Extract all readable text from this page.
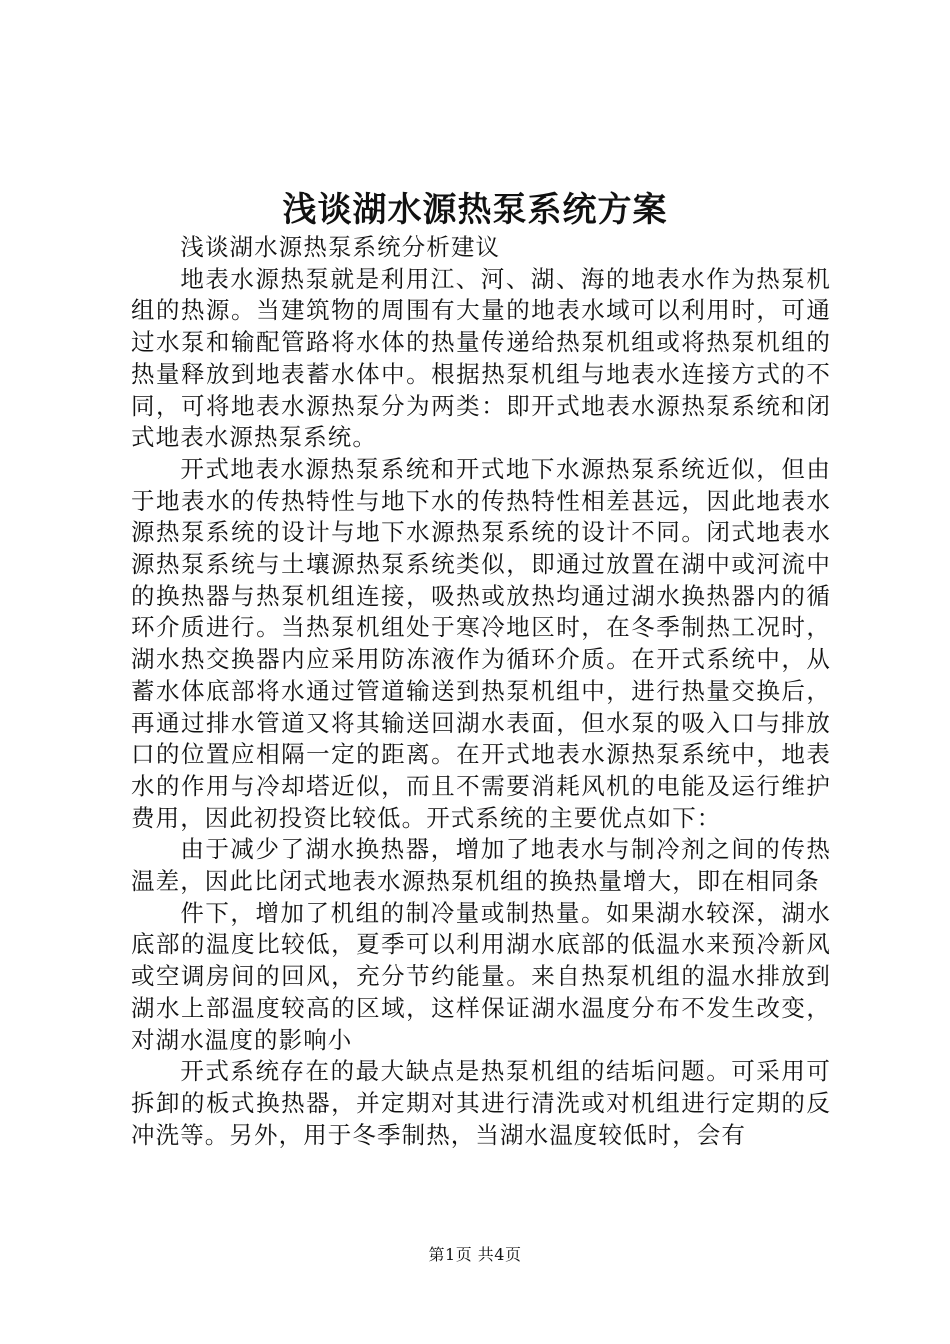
浅谈湖水源热泵系统方案

浅谈湖水源热泵系统分析建议

地表水源热泵就是利用江、河、湖、海的地表水作为热泵机组的热源。当建筑物的周围有大量的地表水域可以利用时，可通过水泵和输配管路将水体的热量传递给热泵机组或将热泵机组的热量释放到地表蓄水体中。根据热泵机组与地表水连接方式的不同，可将地表水源热泵分为两类：即开式地表水源热泵系统和闭式地表水源热泵系统。

开式地表水源热泵系统和开式地下水源热泵系统近似，但由于地表水的传热特性与地下水的传热特性相差甚远，因此地表水源热泵系统的设计与地下水源热泵系统的设计不同。闭式地表水源热泵系统与土壤源热泵系统类似，即通过放置在湖中或河流中的换热器与热泵机组连接，吸热或放热均通过湖水换热器内的循环介质进行。当热泵机组处于寒冷地区时，在冬季制热工况时，湖水热交换器内应采用防冻液作为循环介质。在开式系统中，从蓄水体底部将水通过管道输送到热泵机组中，进行热量交换后，再通过排水管道又将其输送回湖水表面，但水泵的吸入口与排放口的位置应相隔一定的距离。在开式地表水源热泵系统中，地表水的作用与冷却塔近似，而且不需要消耗风机的电能及运行维护费用，因此初投资比较低。开式系统的主要优点如下：

由于减少了湖水换热器，增加了地表水与制冷剂之间的传热温差，因此比闭式地表水源热泵机组的换热量增大，即在相同条

件下，增加了机组的制冷量或制热量。如果湖水较深，湖水底部的温度比较低，夏季可以利用湖水底部的低温水来预冷新风或空调房间的回风，充分节约能量。来自热泵机组的温水排放到湖水上部温度较高的区域，这样保证湖水温度分布不发生改变，对湖水温度的影响小

开式系统存在的最大缺点是热泵机组的结垢问题。可采用可拆卸的板式换热器，并定期对其进行清洗或对机组进行定期的反冲洗等。另外，用于冬季制热，当湖水温度较低时，会有

第1页 共4页
